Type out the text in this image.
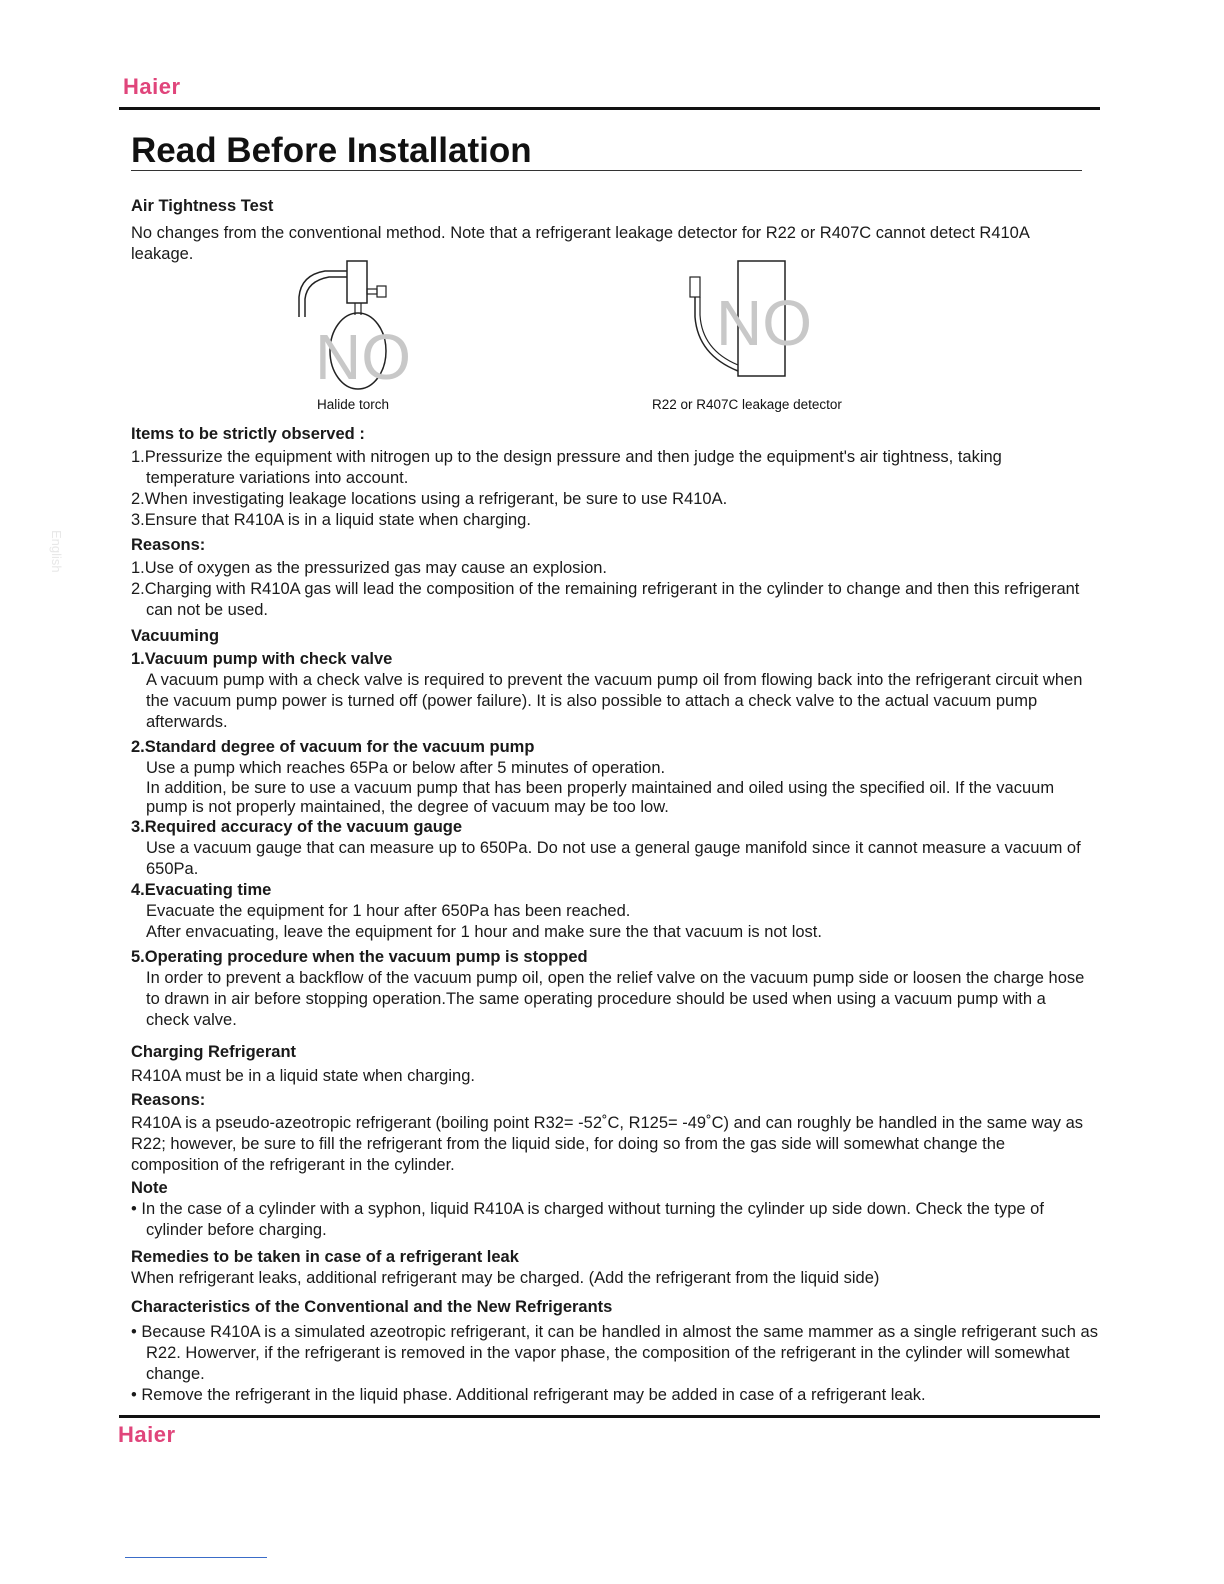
Haier
English
Read Before Installation

Air Tightness Test

No changes from the conventional method. Note that a refrigerant leakage detector for R22 or R407C cannot detect R410A leakage.

NO
Halide torch
NO
R22 or R407C leakage detector

Items to be strictly observed :

1.Pressurize the equipment with nitrogen up to the design pressure and then judge the equipment's air tightness, taking temperature variations into account.

2.When investigating leakage locations using a refrigerant, be sure to use R410A.

3.Ensure that R410A is in a liquid state when charging.

Reasons:

1.Use of oxygen as the pressurized gas may cause an explosion.

2.Charging with R410A gas will lead the composition of the remaining refrigerant in the cylinder to change and then this refrigerant can not be used.

Vacuuming

1.Vacuum pump with check valve

A vacuum pump with a check valve is required to prevent the vacuum pump oil from flowing back into the refrigerant circuit when the vacuum pump power is turned off (power failure). It is also possible to attach a check valve to the actual vacuum pump afterwards.

2.Standard degree of vacuum for the vacuum pump

Use a pump which reaches 65Pa or below after 5 minutes of operation.

In addition, be sure to use a vacuum pump that has been properly maintained and oiled using the specified oil. If the vacuum pump is not properly maintained, the degree of vacuum may be too low.

3.Required accuracy of the vacuum gauge

Use a vacuum gauge that can measure up to 650Pa. Do not use a general gauge manifold since it cannot measure a vacuum of 650Pa.

4.Evacuating time

Evacuate the equipment for 1 hour after 650Pa has been reached.

After envacuating, leave the equipment for 1 hour and make sure the that vacuum is not lost.

5.Operating procedure when the vacuum pump is stopped

In order to prevent a backflow of the vacuum pump oil, open the relief valve on the vacuum pump side or loosen the charge hose to drawn in air before stopping operation.The same operating procedure should be used when using a vacuum pump with a check valve.

Charging Refrigerant

R410A must be in a liquid state when charging.

Reasons:

R410A is a pseudo-azeotropic refrigerant (boiling point R32= -52˚C, R125= -49˚C) and can roughly be handled in the same way as R22; however, be sure to fill the refrigerant from the liquid side, for doing so from the gas side will somewhat change the composition of the refrigerant in the cylinder.

Note

• In the case of a cylinder with a syphon, liquid R410A is charged without turning the cylinder up side down. Check the type of cylinder before charging.

Remedies to be taken in case of a refrigerant leak

When refrigerant leaks, additional refrigerant may be charged. (Add the refrigerant from the liquid side)

Characteristics of the Conventional and the New Refrigerants

• Because R410A is a simulated azeotropic refrigerant, it can be handled in almost the same mammer as a single refrigerant such as R22. Howerver, if the refrigerant is removed in the vapor phase, the composition of the refrigerant in the cylinder will somewhat change.

• Remove the refrigerant in the liquid phase. Additional refrigerant may be added in case of a refrigerant leak.

Haier
